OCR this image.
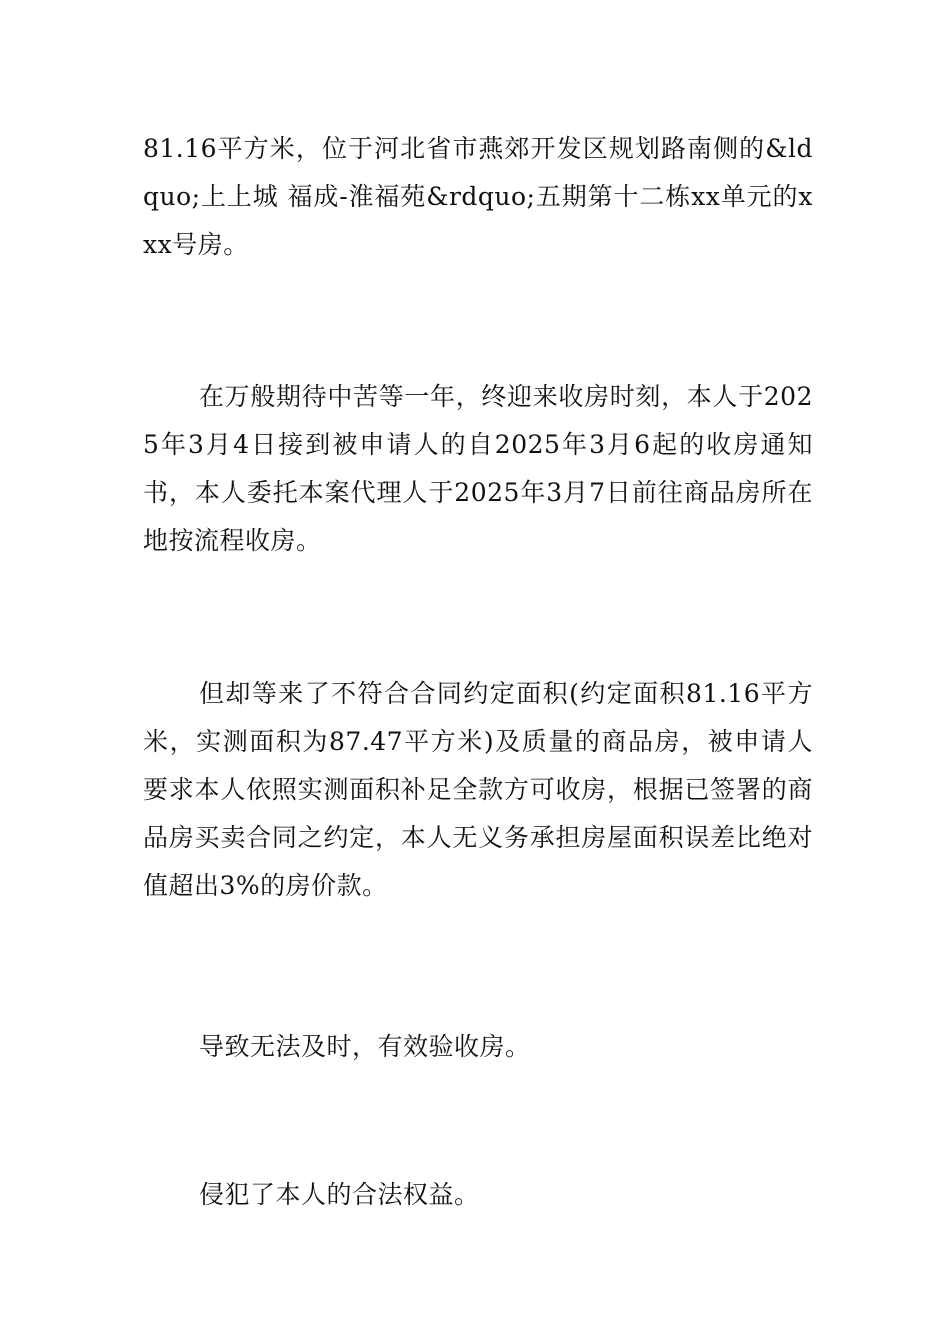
81.16平方米，位于河北省市燕郊开发区规划路南侧的&ldquo;上上城 福成-淮福苑&rdquo;五期第十二栋xx单元的xxx号房。

在万般期待中苦等一年，终迎来收房时刻，本人于2025年3月4日接到被申请人的自2025年3月6起的收房通知书，本人委托本案代理人于2025年3月7日前往商品房所在地按流程收房。

但却等来了不符合合同约定面积(约定面积81.16平方米，实测面积为87.47平方米)及质量的商品房，被申请人要求本人依照实测面积补足全款方可收房，根据已签署的商品房买卖合同之约定，本人无义务承担房屋面积误差比绝对值超出3%的房价款。

导致无法及时，有效验收房。

侵犯了本人的合法权益。
